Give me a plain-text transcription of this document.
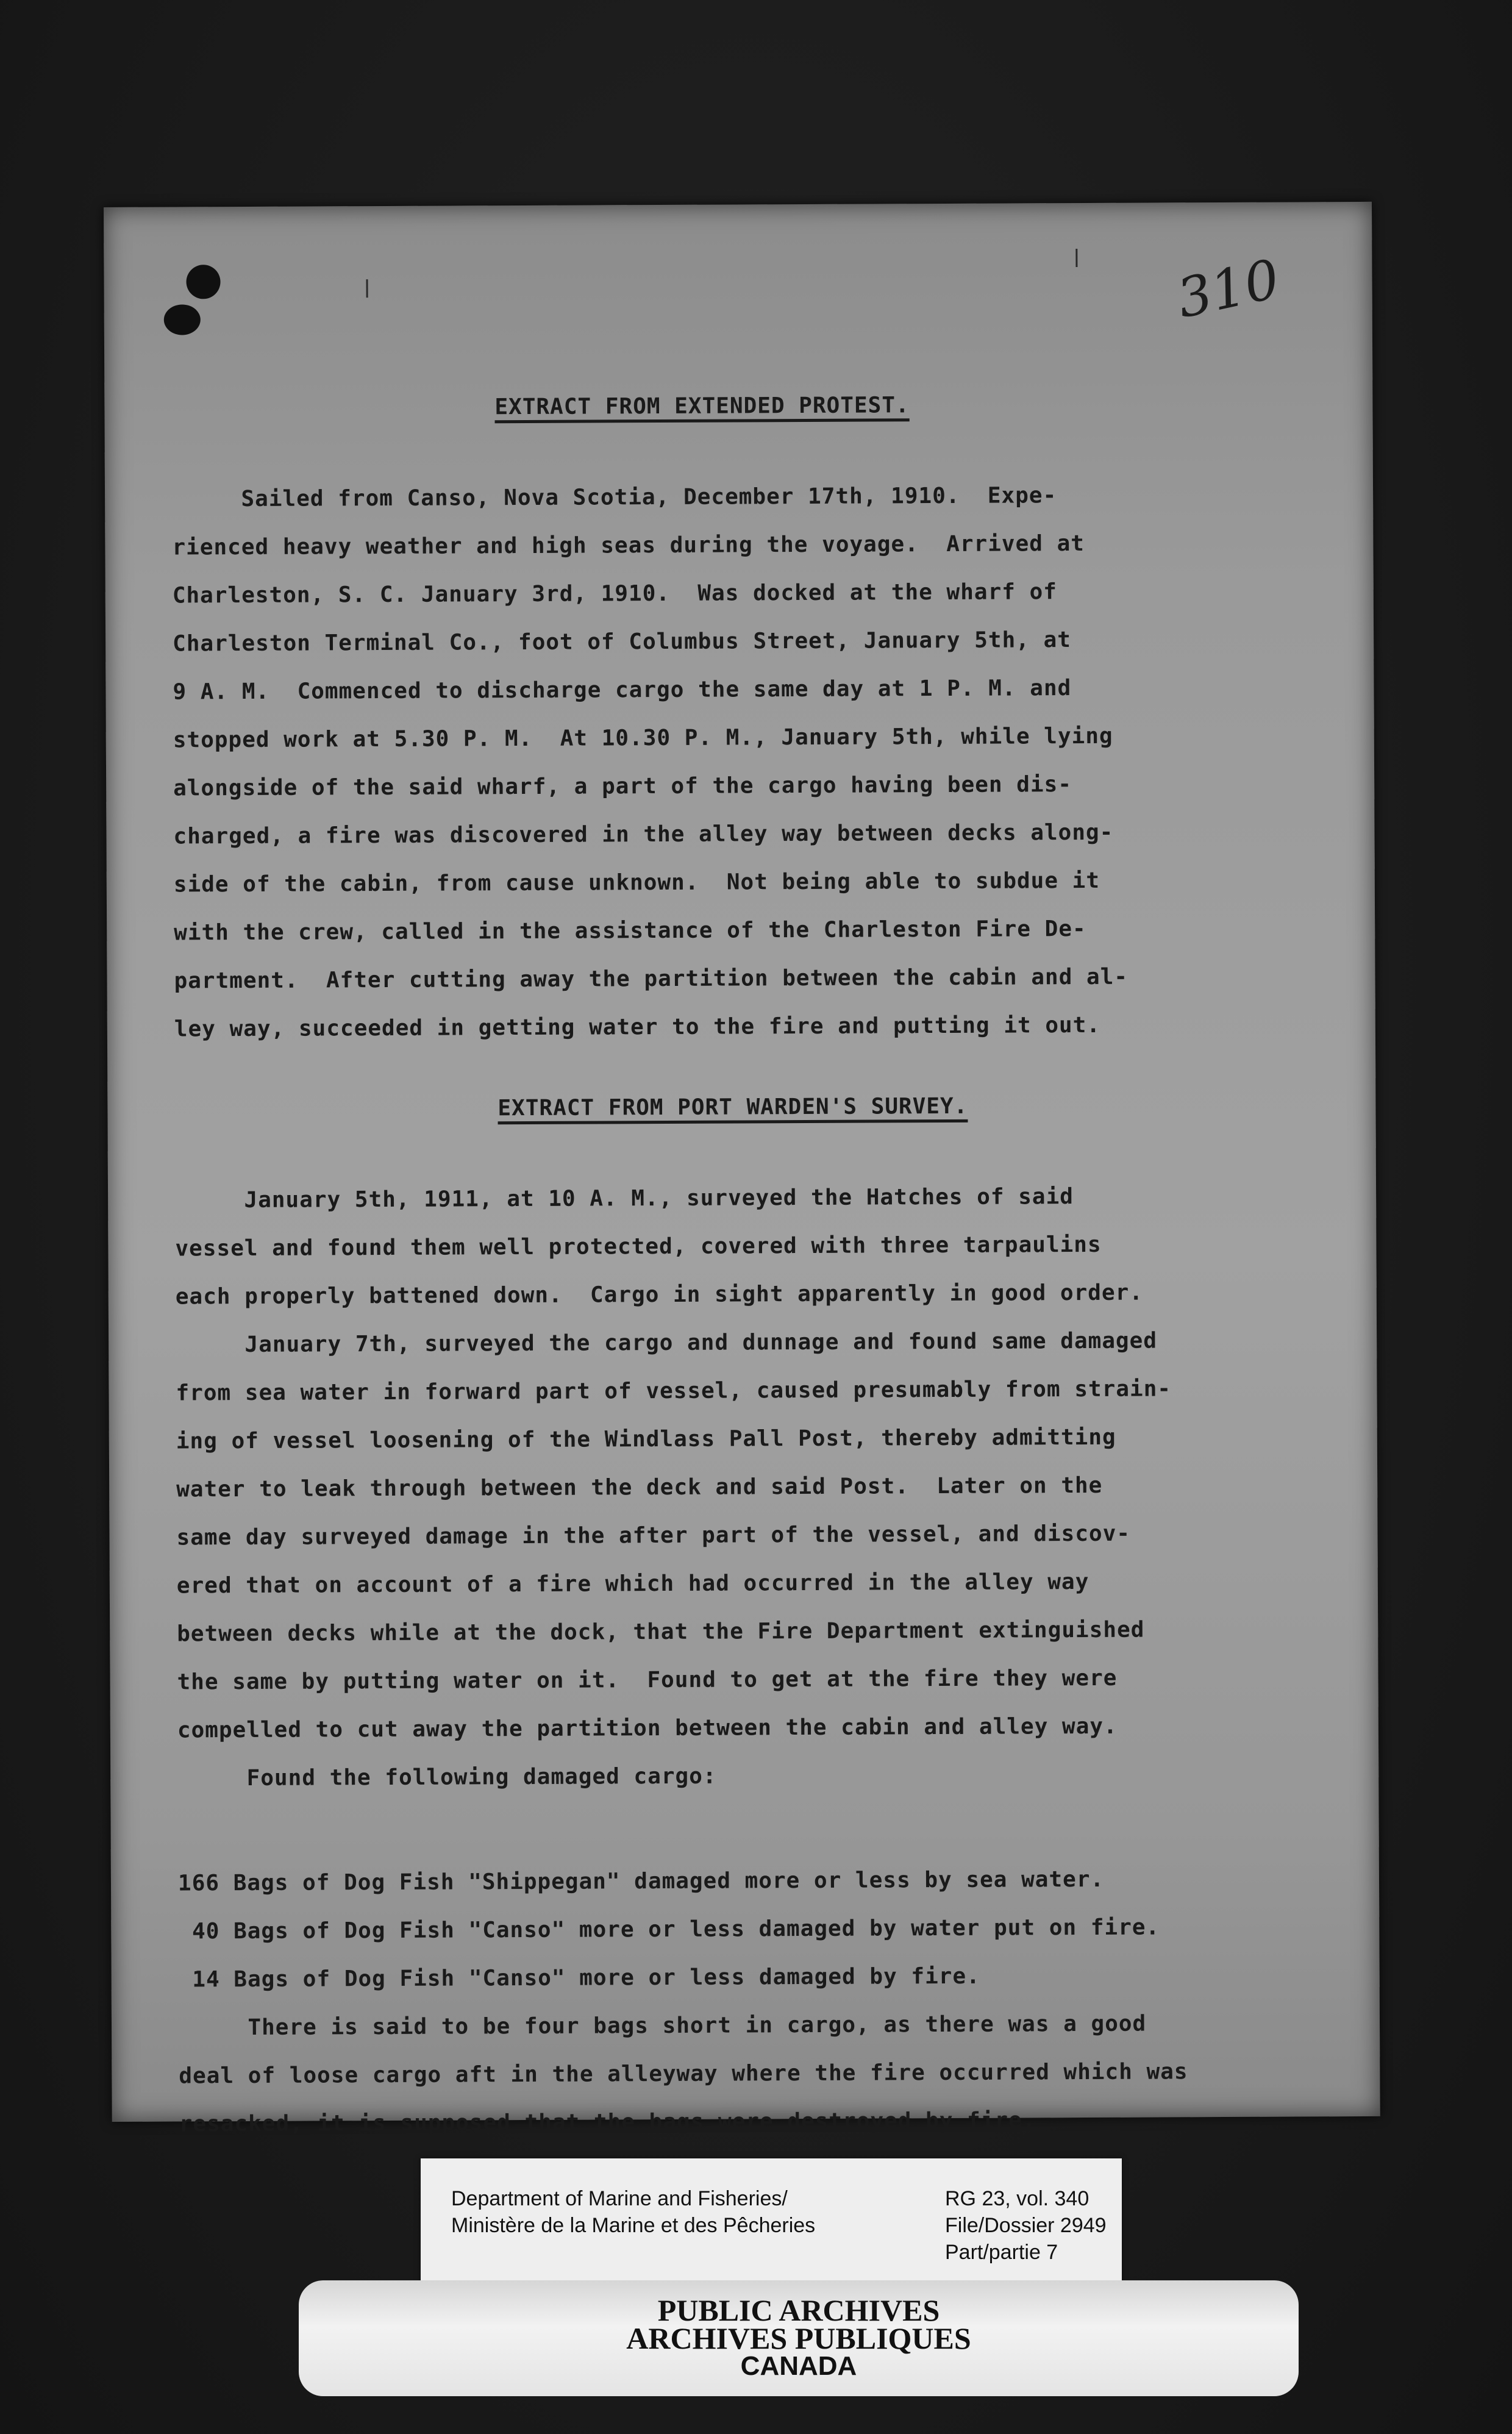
310
EXTRACT FROM EXTENDED PROTEST.
Sailed from Canso, Nova Scotia, December 17th, 1910.  Expe-
rienced heavy weather and high seas during the voyage.  Arrived at
Charleston, S. C. January 3rd, 1910.  Was docked at the wharf of
Charleston Terminal Co., foot of Columbus Street, January 5th, at
9 A. M.  Commenced to discharge cargo the same day at 1 P. M. and
stopped work at 5.30 P. M.  At 10.30 P. M., January 5th, while lying
alongside of the said wharf, a part of the cargo having been dis-
charged, a fire was discovered in the alley way between decks along-
side of the cabin, from cause unknown.  Not being able to subdue it
with the crew, called in the assistance of the Charleston Fire De-
partment.  After cutting away the partition between the cabin and al-
ley way, succeeded in getting water to the fire and putting it out.
EXTRACT FROM PORT WARDEN'S SURVEY.
January 5th, 1911, at 10 A. M., surveyed the Hatches of said
vessel and found them well protected, covered with three tarpaulins
each properly battened down.  Cargo in sight apparently in good order.
January 7th, surveyed the cargo and dunnage and found same damaged
from sea water in forward part of vessel, caused presumably from strain-
ing of vessel loosening of the Windlass Pall Post, thereby admitting
water to leak through between the deck and said Post.  Later on the
same day surveyed damage in the after part of the vessel, and discov-
ered that on account of a fire which had occurred in the alley way
between decks while at the dock, that the Fire Department extinguished
the same by putting water on it.  Found to get at the fire they were
compelled to cut away the partition between the cabin and alley way.
Found the following damaged cargo:
166 Bags of Dog Fish "Shippegan" damaged more or less by sea water.
40 Bags of Dog Fish "Canso" more or less damaged by water put on fire.
14 Bags of Dog Fish "Canso" more or less damaged by fire.
There is said to be four bags short in cargo, as there was a good
deal of loose cargo aft in the alleyway where the fire occurred which was
resacked, it is supposed that the bags were destroyed by fire.
Department of Marine and Fisheries/
Ministère de la Marine et des Pêcheries
RG 23, vol. 340
File/Dossier 2949
Part/partie 7
PUBLIC ARCHIVES
ARCHIVES PUBLIQUES
CANADA
